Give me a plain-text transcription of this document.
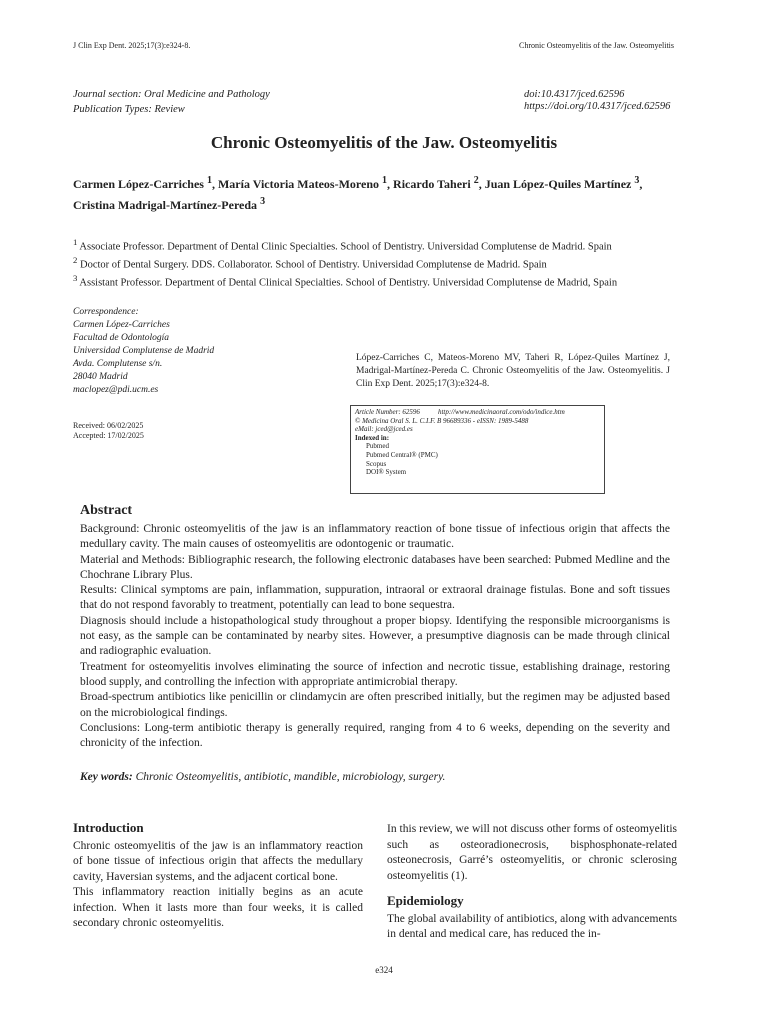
J Clin Exp Dent. 2025;17(3):e324-8.	Chronic Osteomyelitis of the Jaw. Osteomyelitis
Journal section: Oral Medicine and Pathology
Publication Types: Review
doi:10.4317/jced.62596
https://doi.org/10.4317/jced.62596
Chronic Osteomyelitis of the Jaw. Osteomyelitis
Carmen López-Carriches $^1$, María Victoria Mateos-Moreno $^1$, Ricardo Taheri $^2$, Juan López-Quiles Martínez $^3$,
Cristina Madrigal-Martínez-Pereda $^3$
$^1$ Associate Professor. Department of Dental Clinic Specialties. School of Dentistry. Universidad Complutense de Madrid. Spain
$^2$ Doctor of Dental Surgery. DDS. Collaborator. School of Dentistry. Universidad Complutense de Madrid. Spain
$^3$ Assistant Professor. Department of Dental Clinical Specialties. School of Dentistry. Universidad Complutense de Madrid, Spain
Correspondence:
Carmen López-Carriches
Facultad de Odontología
Universidad Complutense de Madrid
Avda. Complutense s/n.
28040 Madrid
maclopez@pdi.ucm.es
Received: 06/02/2025
Accepted: 17/02/2025
López-Carriches C, Mateos-Moreno MV, Taheri R, López-Quiles Martínez J, Madrigal-Martínez-Pereda C. Chronic Osteomyelitis of the Jaw. Osteomyelitis. J Clin Exp Dent. 2025;17(3):e324-8.
Article Number: 62596	http://www.medicinaoral.com/odo/indice.htm
© Medicina Oral S. L. C.I.F. B 96689336 - eISSN: 1989-5488
eMail: jced@jced.es
Indexed in:
Pubmed
Pubmed Central® (PMC)
Scopus
DOI® System
Abstract

Background: Chronic osteomyelitis of the jaw is an inflammatory reaction of bone tissue of infectious origin that affects the medullary cavity. The main causes of osteomyelitis are odontogenic or traumatic.

Material and Methods: Bibliographic research, the following electronic databases have been searched: Pubmed Medline and the Chochrane Library Plus.

Results: Clinical symptoms are pain, inflammation, suppuration, intraoral or extraoral drainage fistulas. Bone and soft tissues that do not respond favorably to treatment, potentially can lead to bone sequestra.

Diagnosis should include a histopathological study throughout a proper biopsy. Identifying the responsible microorganisms is not easy, as the sample can be contaminated by nearby sites. However, a presumptive diagnosis can be made through clinical and radiographic evaluation.

Treatment for osteomyelitis involves eliminating the source of infection and necrotic tissue, establishing drainage, restoring blood supply, and controlling the infection with appropriate antimicrobial therapy.

Broad-spectrum antibiotics like penicillin or clindamycin are often prescribed initially, but the regimen may be adjusted based on the microbiological findings.

Conclusions: Long-term antibiotic therapy is generally required, ranging from 4 to 6 weeks, depending on the severity and chronicity of the infection.

Key words: Chronic Osteomyelitis, antibiotic, mandible, microbiology, surgery.
Introduction

Chronic osteomyelitis of the jaw is an inflammatory reaction of bone tissue of infectious origin that affects the medullary cavity, Haversian systems, and the adjacent cortical bone.

This inflammatory reaction initially begins as an acute infection. When it lasts more than four weeks, it is called secondary chronic osteomyelitis.

In this review, we will not discuss other forms of osteomyelitis such as osteoradionecrosis, bisphosphonate-related osteonecrosis, Garré’s osteomyelitis, or chronic sclerosing osteomyelitis (1).

Epidemiology

The global availability of antibiotics, along with advancements in dental and medical care, has reduced the in-

e324
